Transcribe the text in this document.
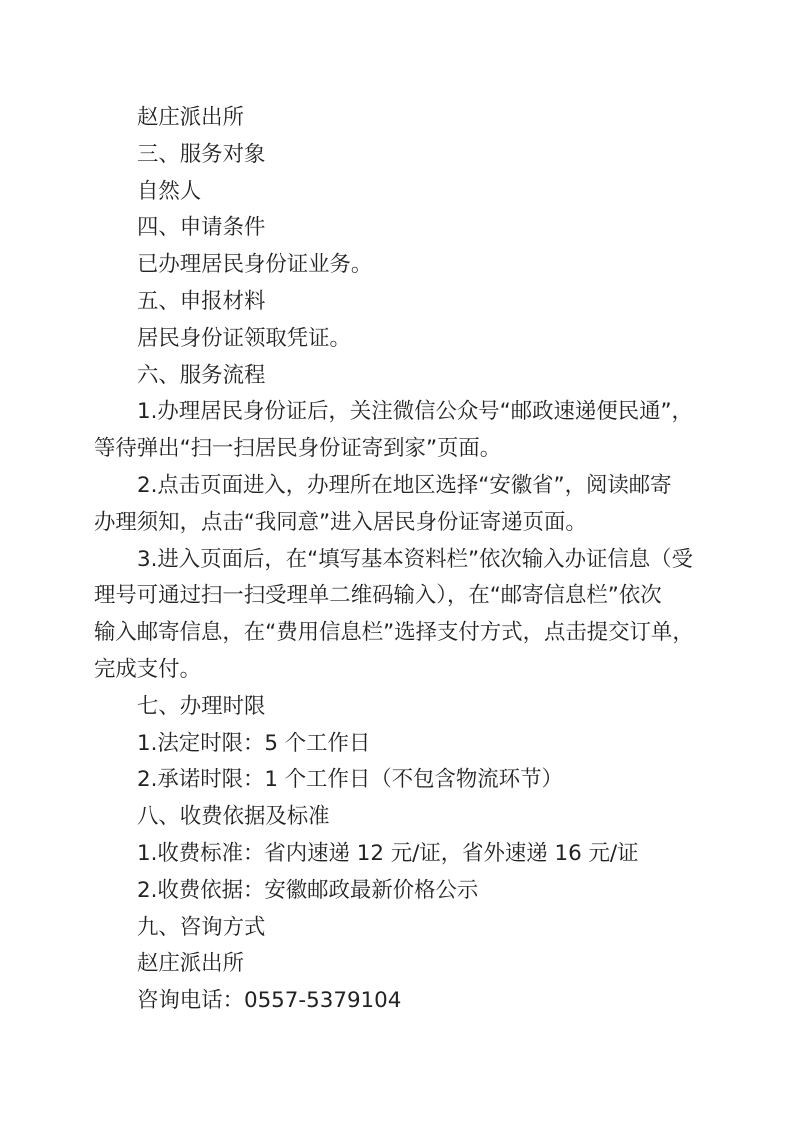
赵庄派出所
三、服务对象
自然人
四、申请条件
已办理居民身份证业务。
五、申报材料
居民身份证领取凭证。
六、服务流程
1.办理居民身份证后，关注微信公众号“邮政速递便民通”，
等待弹出“扫一扫居民身份证寄到家”页面。
2.点击页面进入，办理所在地区选择“安徽省”，阅读邮寄
办理须知，点击“我同意”进入居民身份证寄递页面。
3.进入页面后，在“填写基本资料栏”依次输入办证信息（受
理号可通过扫一扫受理单二维码输入），在“邮寄信息栏”依次
输入邮寄信息，在“费用信息栏”选择支付方式，点击提交订单，
完成支付。
七、办理时限
1.法定时限：5 个工作日
2.承诺时限：1 个工作日（不包含物流环节）
八、收费依据及标准
1.收费标准：省内速递 12 元/证，省外速递 16 元/证
2.收费依据：安徽邮政最新价格公示
九、咨询方式
赵庄派出所
咨询电话：0557-5379104
